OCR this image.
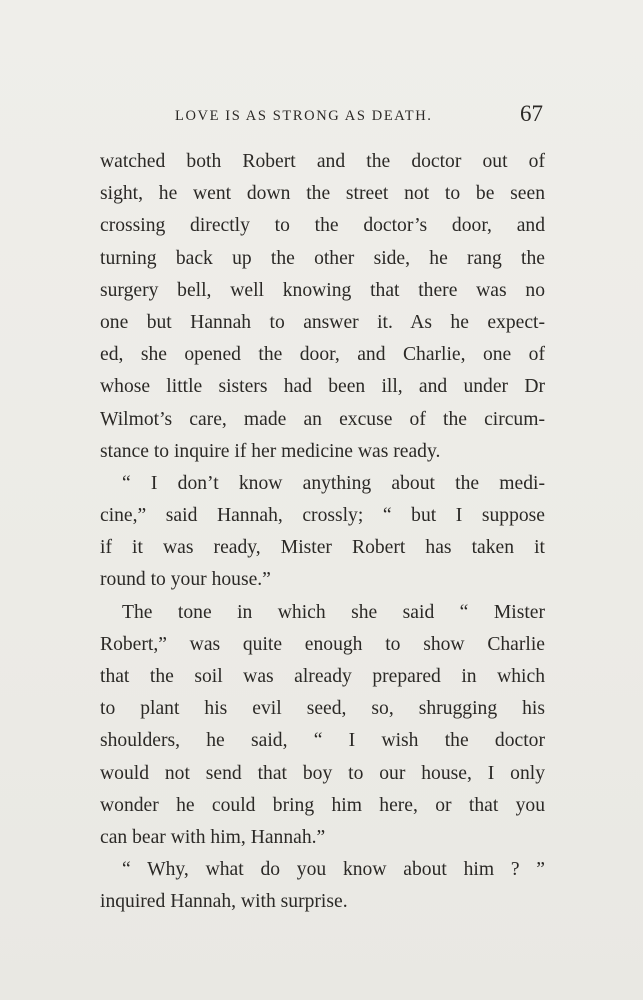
LOVE IS AS STRONG AS DEATH.	67
watched both Robert and the doctor out of
sight, he went down the street not to be seen
crossing directly to the doctor’s door, and
turning back up the other side, he rang the
surgery bell, well knowing that there was no
one but Hannah to answer it. As he expect-
ed, she opened the door, and Charlie, one of
whose little sisters had been ill, and under Dr
Wilmot’s care, made an excuse of the circum-
stance to inquire if her medicine was ready.
“ I don’t know anything about the medi-
cine,” said Hannah, crossly; “ but I suppose
if it was ready, Mister Robert has taken it
round to your house.”
The tone in which she said “ Mister
Robert,” was quite enough to show Charlie
that the soil was already prepared in which
to plant his evil seed, so, shrugging his
shoulders, he said, “ I wish the doctor
would not send that boy to our house, I only
wonder he could bring him here, or that you
can bear with him, Hannah.”
“ Why, what do you know about him ? ”
inquired Hannah, with surprise.
